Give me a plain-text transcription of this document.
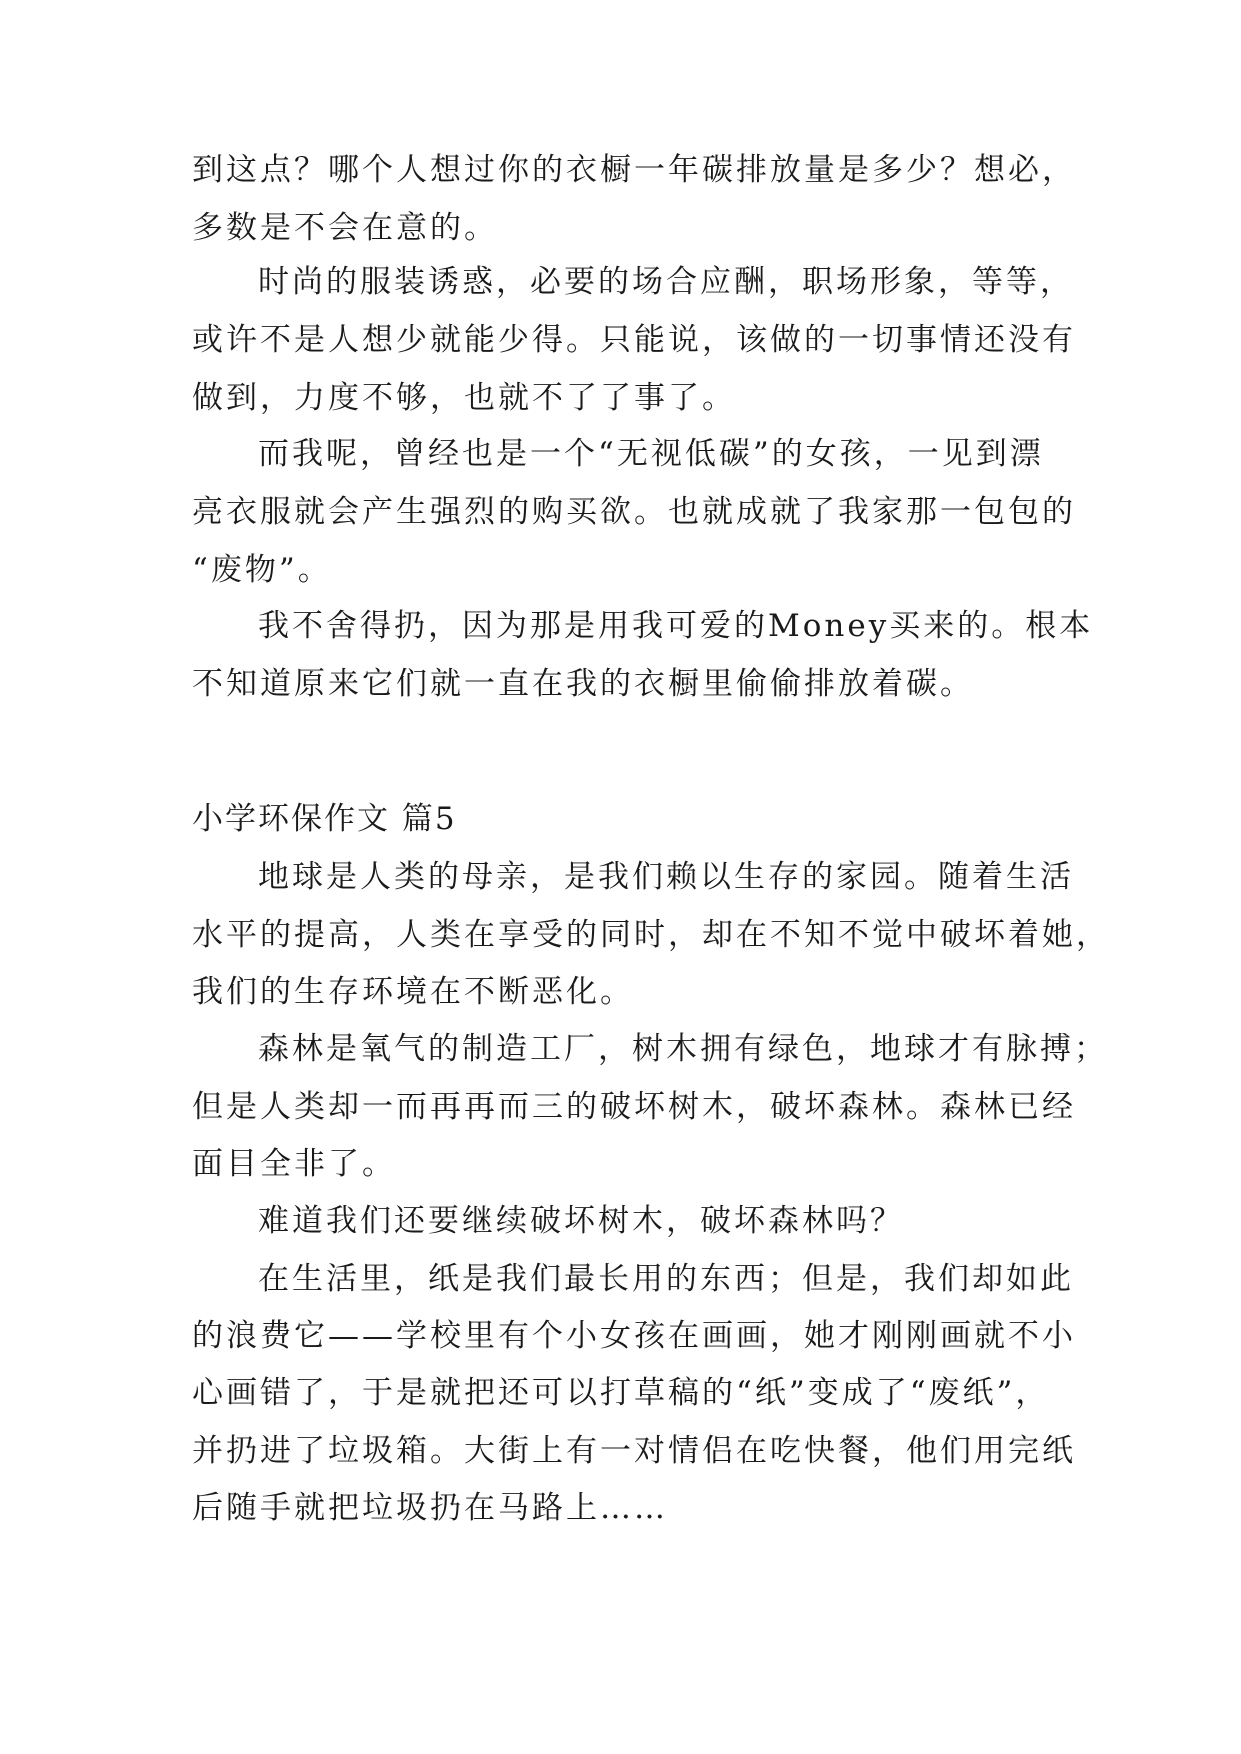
到这点？哪个人想过你的衣橱一年碳排放量是多少？想必，
多数是不会在意的。
时尚的服装诱惑，必要的场合应酬，职场形象，等等，
或许不是人想少就能少得。只能说，该做的一切事情还没有
做到，力度不够，也就不了了事了。
而我呢，曾经也是一个“无视低碳”的女孩，一见到漂
亮衣服就会产生强烈的购买欲。也就成就了我家那一包包的
“废物”。
我不舍得扔，因为那是用我可爱的Money买来的。根本
不知道原来它们就一直在我的衣橱里偷偷排放着碳。
小学环保作文 篇5
地球是人类的母亲，是我们赖以生存的家园。随着生活
水平的提高，人类在享受的同时，却在不知不觉中破坏着她，
我们的生存环境在不断恶化。
森林是氧气的制造工厂，树木拥有绿色，地球才有脉搏；
但是人类却一而再再而三的破坏树木，破坏森林。森林已经
面目全非了。
难道我们还要继续破坏树木，破坏森林吗？
在生活里，纸是我们最长用的东西；但是，我们却如此
的浪费它——学校里有个小女孩在画画，她才刚刚画就不小
心画错了，于是就把还可以打草稿的“纸”变成了“废纸”，
并扔进了垃圾箱。大街上有一对情侣在吃快餐，他们用完纸
后随手就把垃圾扔在马路上……
